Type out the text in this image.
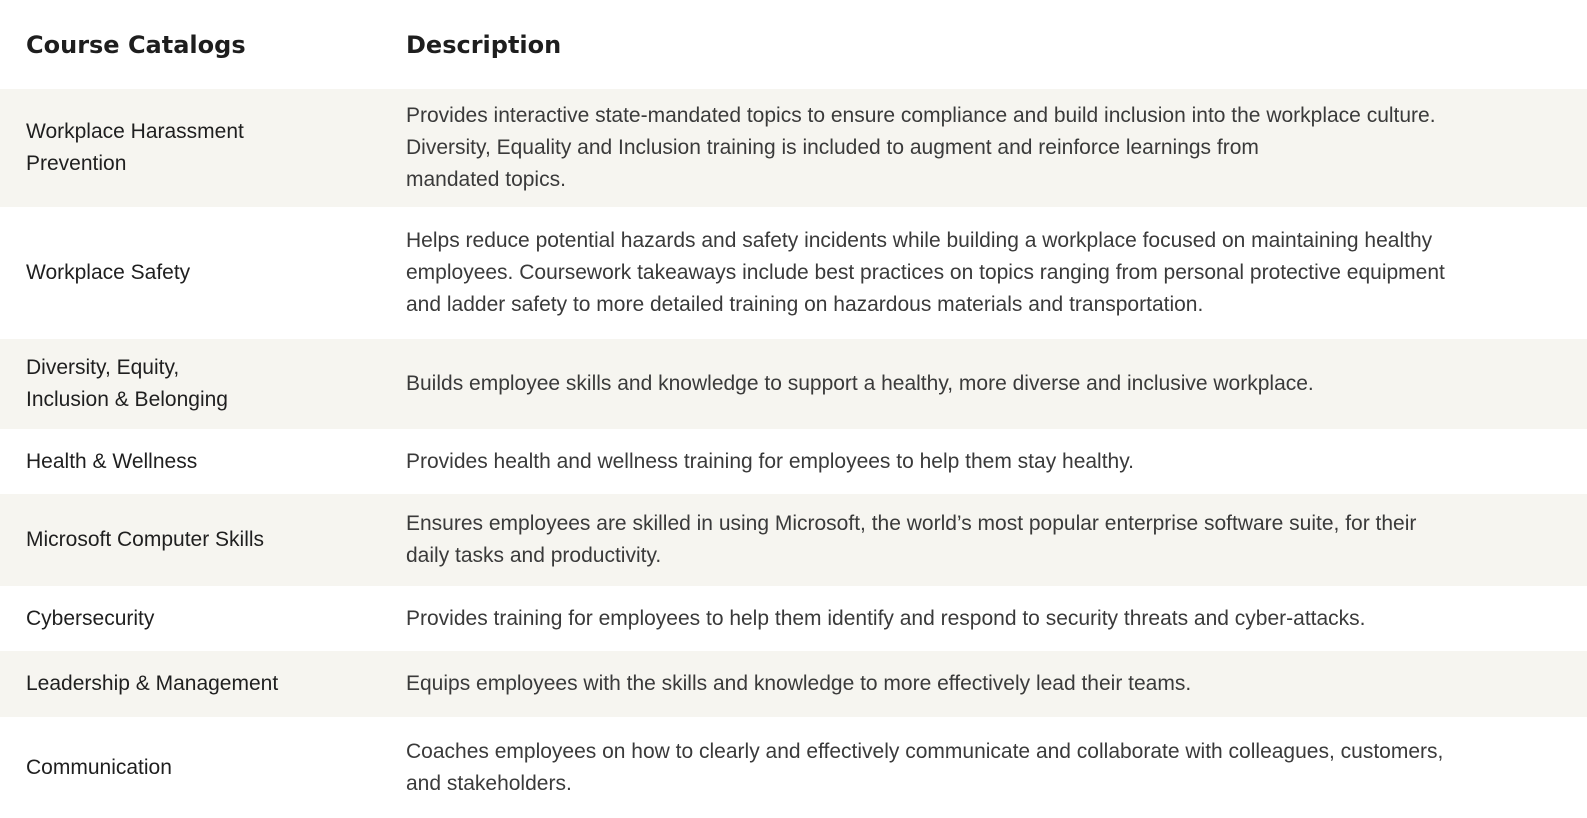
Course Catalogs	Description

Workplace Harassment
Prevention	Provides interactive state-mandated topics to ensure compliance and build inclusion into the workplace culture.
Diversity, Equality and Inclusion training is included to augment and reinforce learnings from
mandated topics.

Workplace Safety	Helps reduce potential hazards and safety incidents while building a workplace focused on maintaining healthy
employees. Coursework takeaways include best practices on topics ranging from personal protective equipment
and ladder safety to more detailed training on hazardous materials and transportation.

Diversity, Equity,
Inclusion & Belonging	Builds employee skills and knowledge to support a healthy, more diverse and inclusive workplace.

Health & Wellness	Provides health and wellness training for employees to help them stay healthy.

Microsoft Computer Skills	Ensures employees are skilled in using Microsoft, the world’s most popular enterprise software suite, for their
daily tasks and productivity.

Cybersecurity	Provides training for employees to help them identify and respond to security threats and cyber-attacks.

Leadership & Management	Equips employees with the skills and knowledge to more effectively lead their teams.

Communication	Coaches employees on how to clearly and effectively communicate and collaborate with colleagues, customers,
and stakeholders.
